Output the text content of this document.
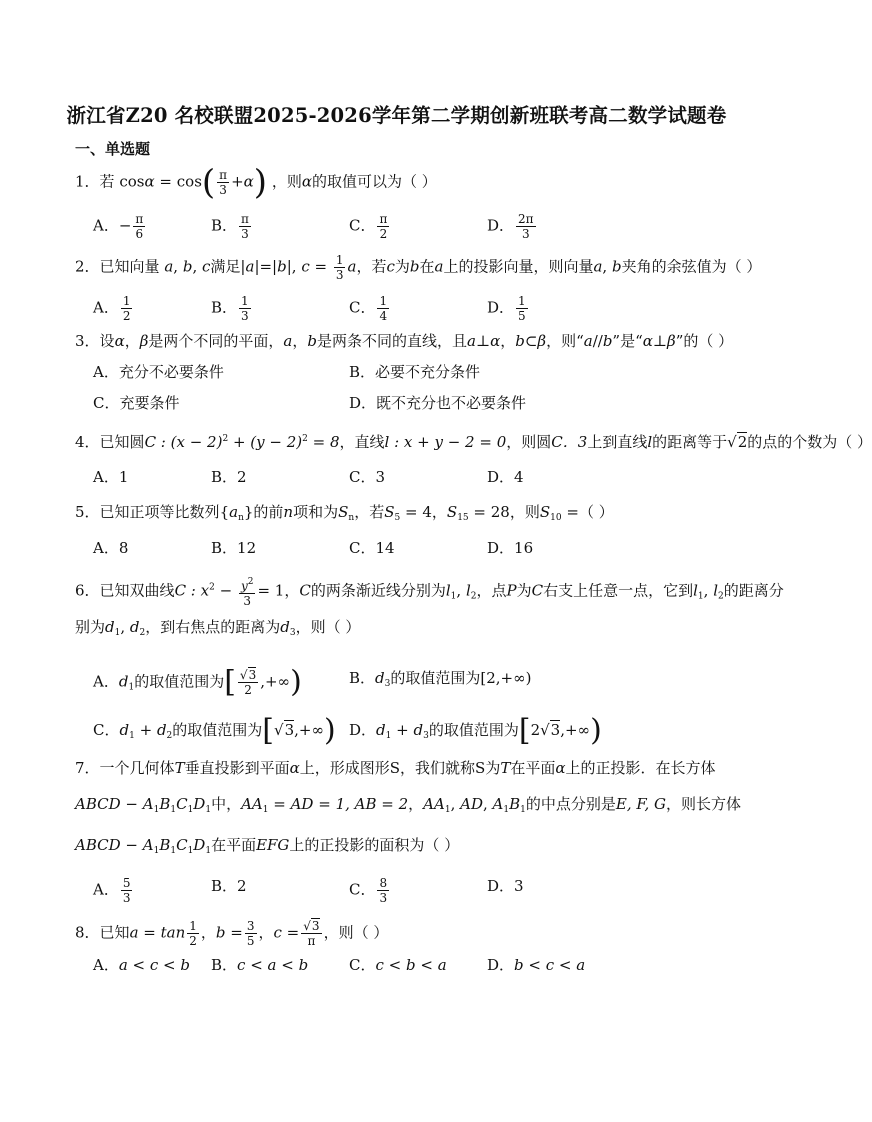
浙江省Z20 名校联盟2025-2026学年第二学期创新班联考高二数学试题卷
一、单选题
1．若 $\cos\alpha = \cos( \frac{\pi}{3} +\alpha)$ ，则α的取值可以为（ ）
A．− $\frac{\pi}{6}$	B． $\frac{\pi}{3}$	C． $\frac{\pi}{2}$	D． $\frac{2\pi}{3}$
2．已知向量 a, b, c满足|a|=|b|, $c = \frac{1}{3}$ a，若c为b在a上的投影向量，则向量a, b夹角的余弦值为（ ）
A． $\frac{1}{2}$	B． $\frac{1}{3}$	C． $\frac{1}{4}$	D． $\frac{1}{5}$
3．设α，β是两个不同的平面，a，b是两条不同的直线，且a⊥α，b⊂β，则“a//b”是“α⊥β”的（ ）
A．充分不必要条件	B．必要不充分条件
C．充要条件	D．既不充分也不必要条件
4．已知圆C : $(x - 2)^2 + (y - 2)^2 = 8$，直线l : x + y − 2 = 0，则圆C．3上到直线l的距离等于√2的点的个数为（ ）
A．1	B．2	C．3	D．4
5．已知正项等比数列$\{a_n\}$的前n项和为$S_n$，若$S_5 = 4$，$S_{15} = 28$，则$S_{10}$ =（ ）
A．8	B．12	C．14	D．16
6．已知双曲线C : $x^2 - \frac{y^2}{3} = 1$，C的两条渐近线分别为$l_1$, $l_2$，点P为C右支上任意一点，它到$l_1$, $l_2$的距离分
别为$d_1$, $d_2$，到右焦点的距离为$d_3$，则（ ）
A．$d_1$的取值范围为[ $\frac{√3}{2}$ ,+∞)	B．$d_3$的取值范围为[2,+∞)
C．$d_1 + d_2$的取值范围为[√3,+∞) D．$d_1 + d_3$的取值范围为[2√3,+∞)
7．一个几何体T垂直投影到平面α上，形成图形S，我们就称S为T在平面α上的正投影．在长方体
ABCD − $A_1B_1C_1D_1$中，$AA_1$ = AD = 1, AB = 2，$AA_1$, AD, $A_1B_1$的中点分别是E, F, G，则长方体
ABCD − $A_1B_1C_1D_1$在平面EFG上的正投影的面积为（ ）
A． $\frac{5}{3}$	B．2	C． $\frac{8}{3}$	D．3
8．已知$a = \tan \frac{1}{2}$ ，$b = \frac{3}{5}$ ，$c = \frac{√3}{\pi}$ ，则（ ）
A．a < c < b B．c < a < b	C．c < b < a	D．b < c < a
